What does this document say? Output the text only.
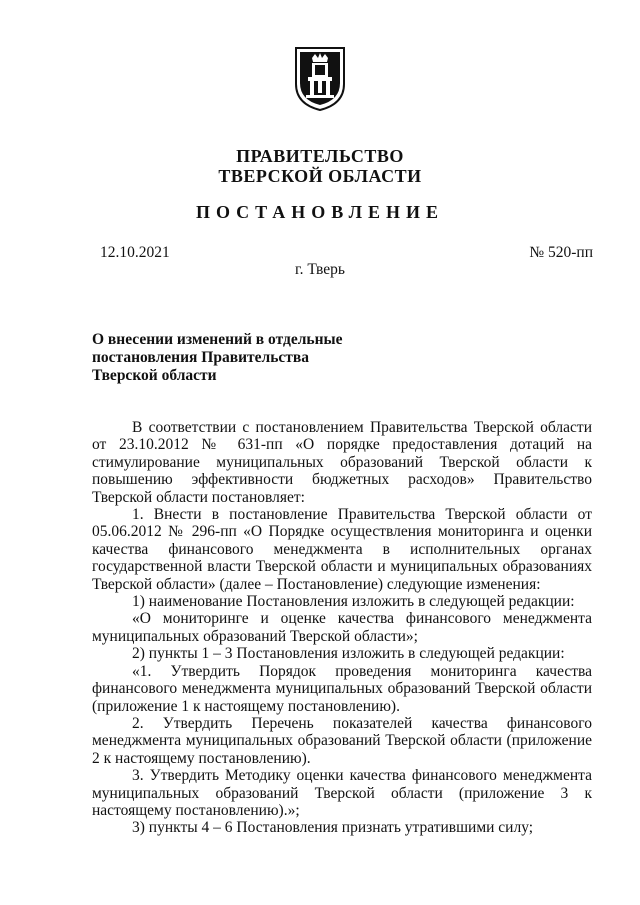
ПРАВИТЕЛЬСТВО
ТВЕРСКОЙ ОБЛАСТИ
ПОСТАНОВЛЕНИЕ
12.10.2021	№ 520-пп
г. Тверь
О внесении изменений в отдельные
постановления Правительства
Тверской области

В соответствии с постановлением Правительства Тверской области от 23.10.2012 № 631-пп «О порядке предоставления дотаций на стимулирование муниципальных образований Тверской области к повышению эффективности бюджетных расходов» Правительство Тверской области постановляет:

1. Внести в постановление Правительства Тверской области от 05.06.2012 № 296-пп «О Порядке осуществления мониторинга и оценки качества финансового менеджмента в исполнительных органах государственной власти Тверской области и муниципальных образованиях Тверской области» (далее – Постановление) следующие изменения:

1) наименование Постановления изложить в следующей редакции:

«О мониторинге и оценке качества финансового менеджмента муниципальных образований Тверской области»;

2) пункты 1 – 3 Постановления изложить в следующей редакции:

«1. Утвердить Порядок проведения мониторинга качества финансового менеджмента муниципальных образований Тверской области (приложение 1 к настоящему постановлению).

2. Утвердить Перечень показателей качества финансового менеджмента муниципальных образований Тверской области (приложение 2 к настоящему постановлению).

3. Утвердить Методику оценки качества финансового менеджмента муниципальных образований Тверской области (приложение 3 к настоящему постановлению).»;

3) пункты 4 – 6 Постановления признать утратившими силу;
